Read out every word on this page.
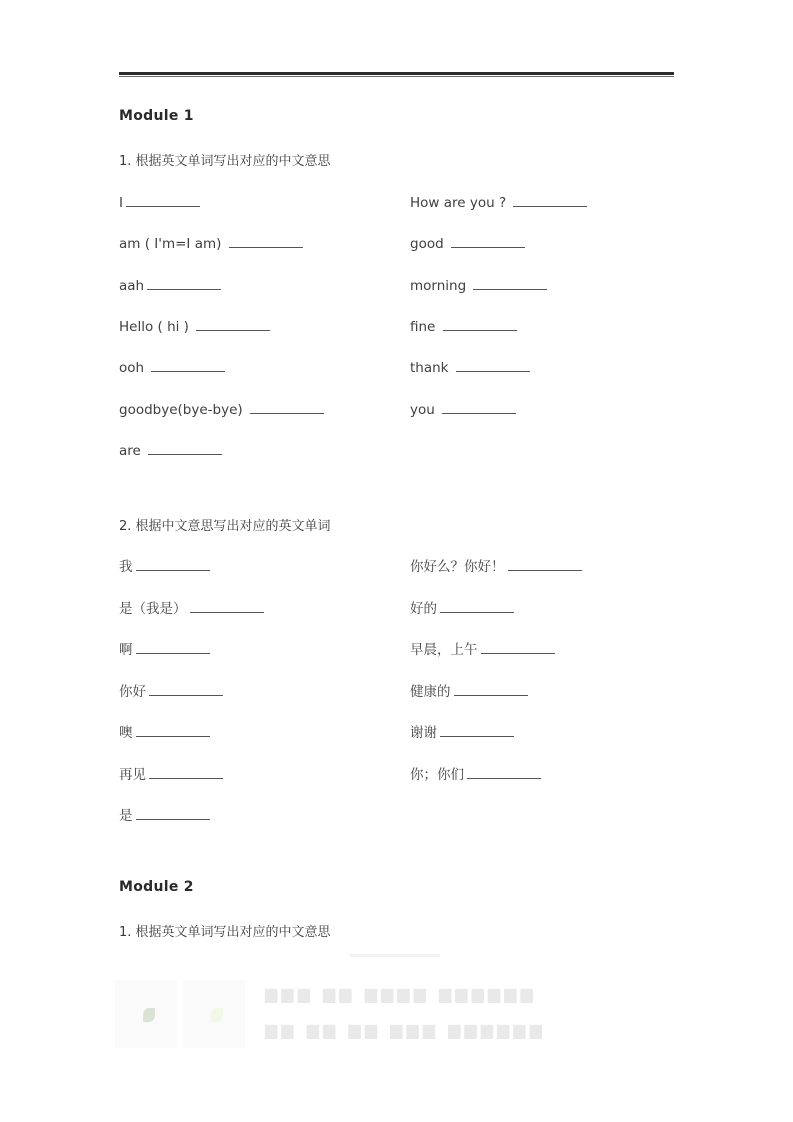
Module 1
1. 根据英文单词写出对应的中文意思
I
am ( I'm=I am)
aah
Hello ( hi )
ooh
goodbye(bye-bye)
are
How are you ?
good
morning
fine
thank
you
2. 根据中文意思写出对应的英文单词
我
是（我是）
啊
你好
噢
再见
是
你好么？你好！
好的
早晨，上午
健康的
谢谢
你；你们
Module 2
1. 根据英文单词写出对应的中文意思
▆▆▆ ▆▆ ▆▆▆▆ ▆▆▆▆▆▆
▆▆ ▆▆ ▆▆ ▆▆▆ ▆▆▆▆▆▆
